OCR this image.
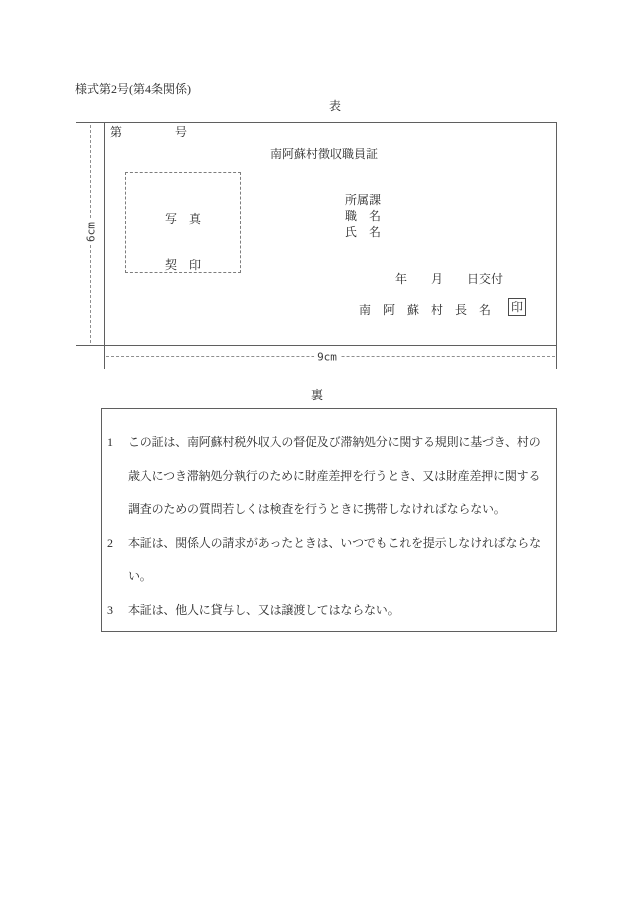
様式第2号(第4条関係)
表
6cm
9cm
第	号
南阿蘇村徴収職員証
写　真
契　印
所属課
職　名
氏　名
年　　月　　日交付
南　阿　蘇　村　長　名 印
裏
1	この証は、南阿蘇村税外収入の督促及び滞納処分に関する規則に基づき、村の
歳入につき滞納処分執行のために財産差押を行うとき、又は財産差押に関する
調査のための質問若しくは検査を行うときに携帯しなければならない。
2	本証は、関係人の請求があったときは、いつでもこれを提示しなければならな
い。
3	本証は、他人に貸与し、又は譲渡してはならない。
